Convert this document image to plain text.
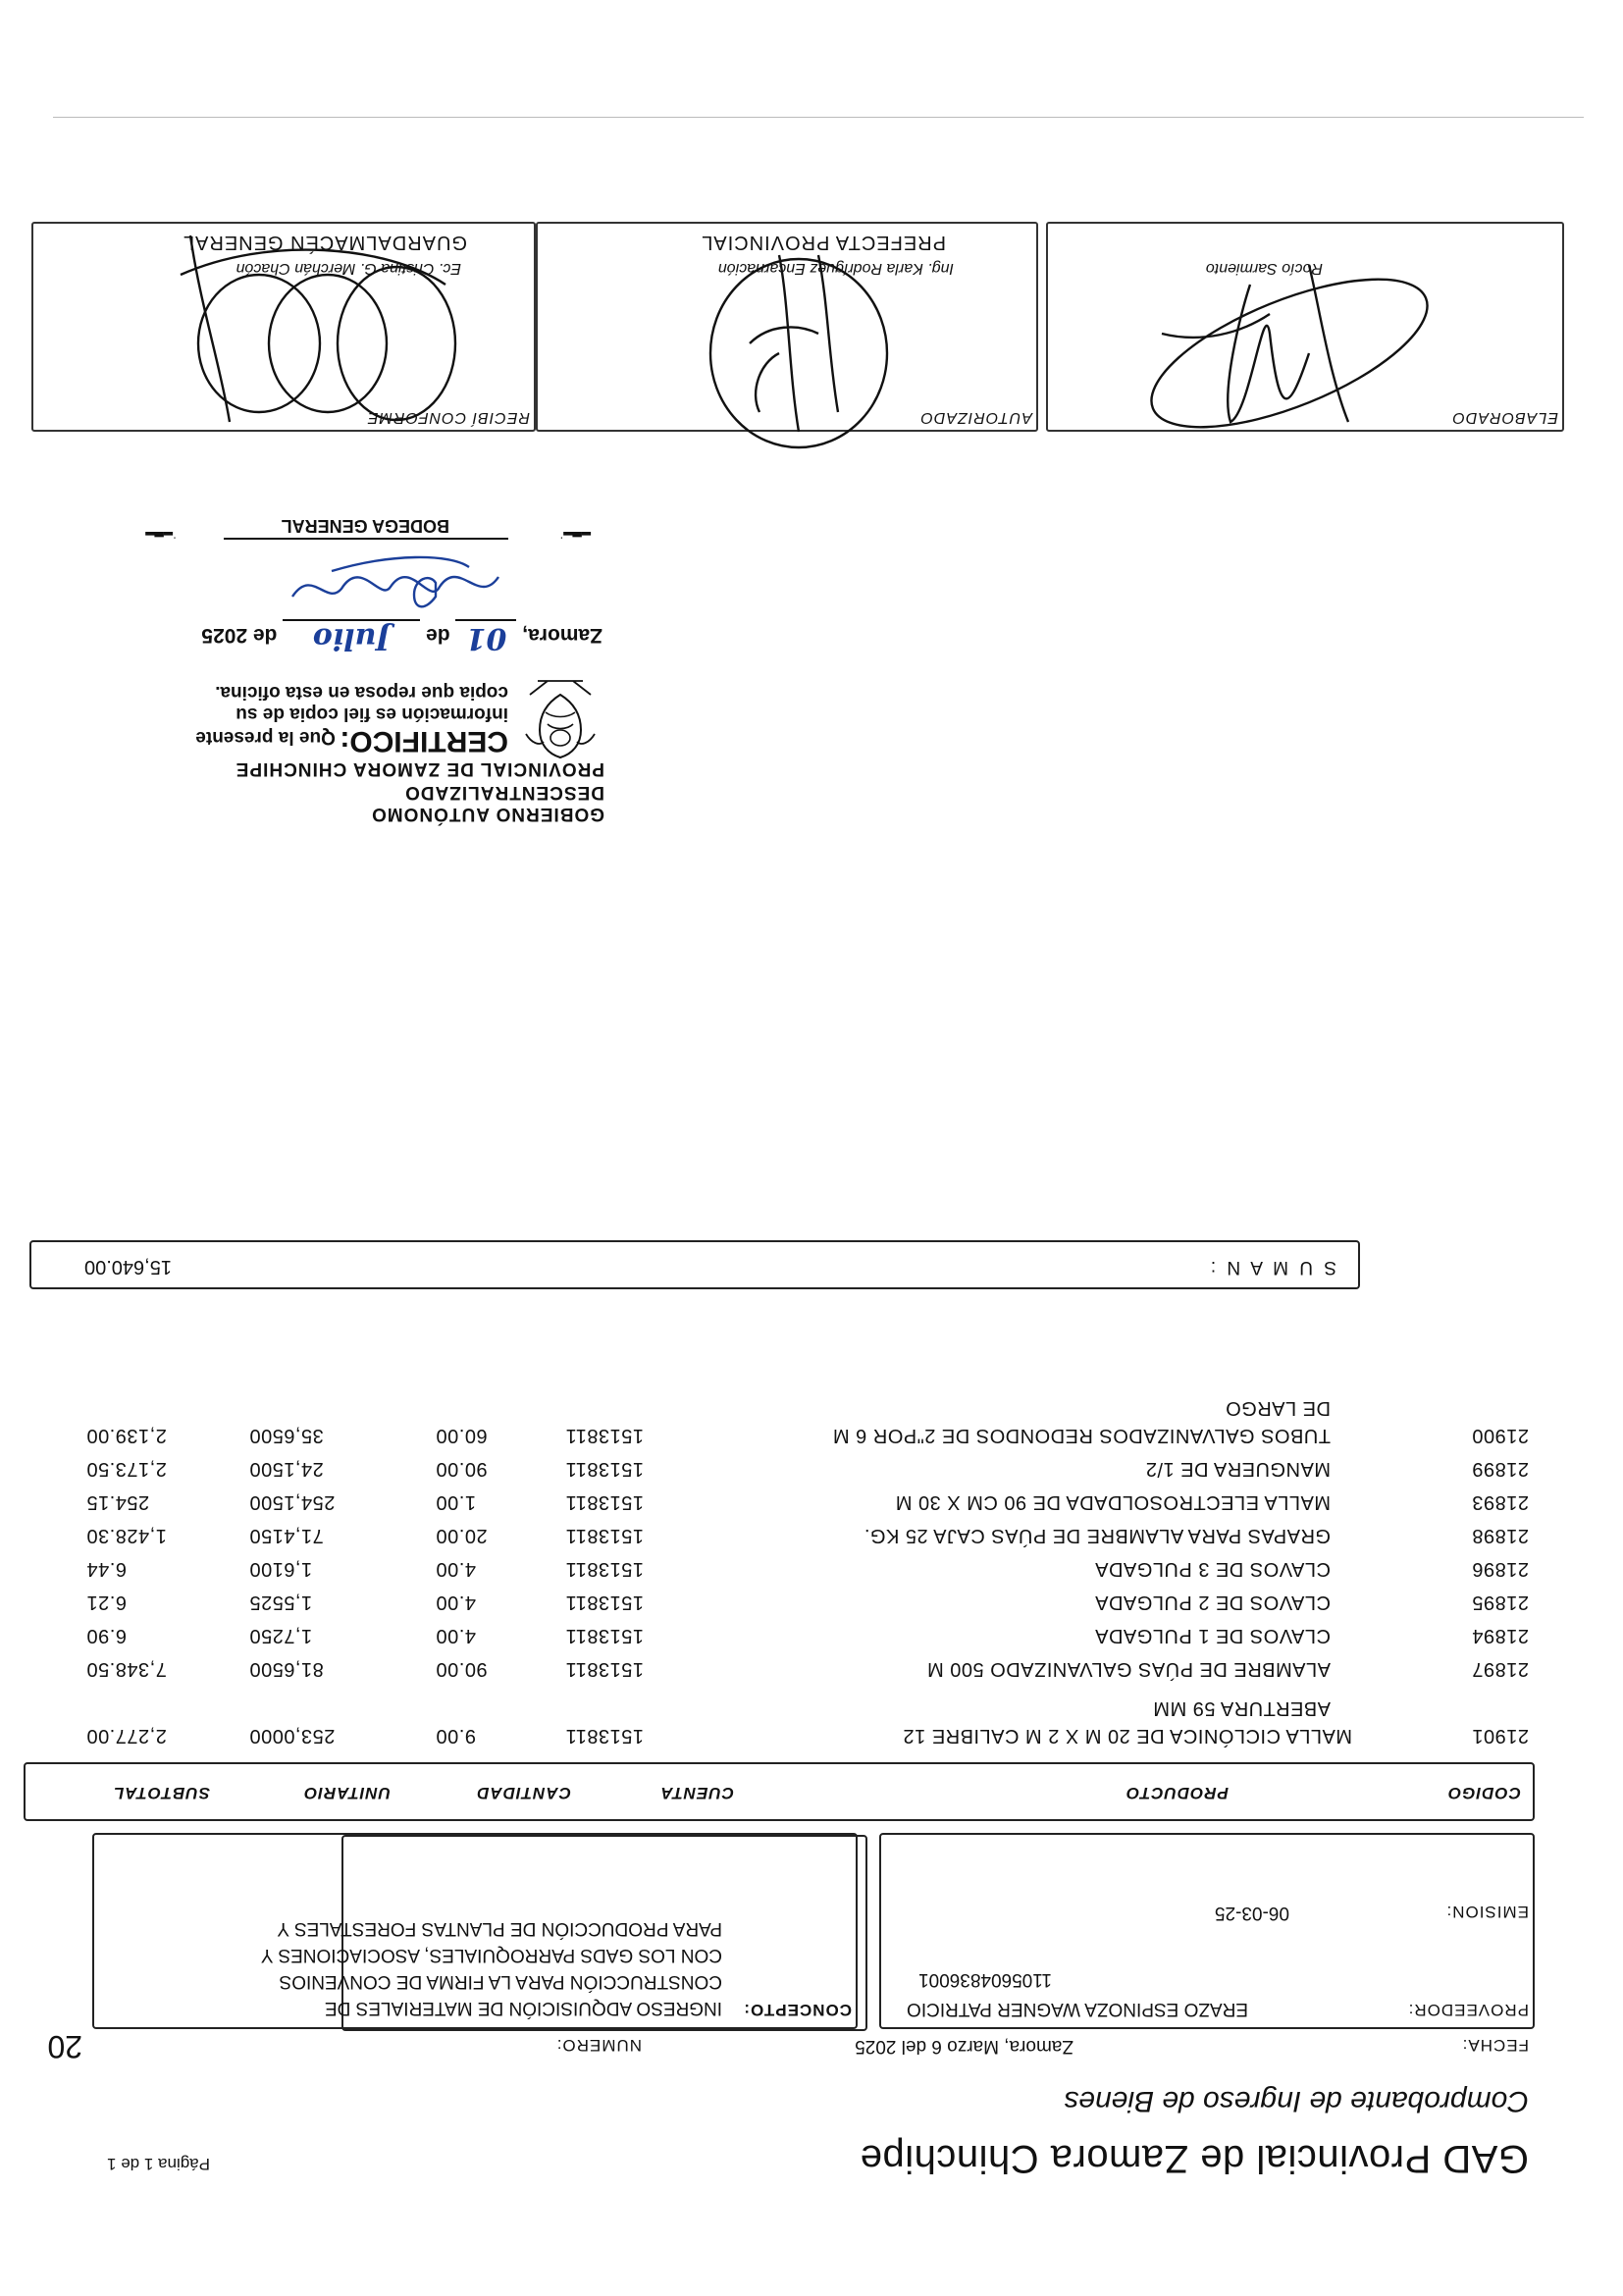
GAD Provincial de Zamora Chinchipe
Comprobante de Ingreso de Bienes
Página 1 de 1
FECHA:
Zamora, Marzo 6 del 2025
NUMERO:
20
PROVEEDOR:
ERAZO ESPINOZA WAGNER PATRICIO
1105604836001
EMISION:
06-03-25
CONCEPTO:
INGRESO ADQUISICIÓN DE MATERIALES DE
CONSTRUCCIÓN PARA LA FIRMA DE CONVENIOS
CON LOS GADS PARROQUIALES, ASOCIACIONES Y
PARA PRODUCCIÓN DE PLANTAS FORESTALES Y
CODIGO
PRODUCTO
CUENTA
CANTIDAD
UNITARIO
SUBTOTAL
21901
MALLA CICLÓNICA DE 20 M X 2 M CALIBRE 12
ABERTURA 59 MM
1513811
9.00
253,0000
2,277.00
21897
ALAMBRE DE PÚAS GALVANIZADO 500 M
1513811
90.00
81,6500
7,348.50
21894
CLAVOS DE 1 PULGADA
1513811
4.00
1,7250
6.90
21895
CLAVOS DE 2 PULGADA
1513811
4.00
1,5525
6.21
21896
CLAVOS DE 3 PULGADA
1513811
4.00
1,6100
6.44
21898
GRAPAS PARA ALAMBRE DE PÚAS CAJA 25 KG.
1513811
20.00
71,4150
1,428.30
21893
MALLA ELECTROSOLDADA DE 90 CM X 30 M
1513811
1.00
254,1500
254.15
21899
MANGUERA DE 1/2
1513811
90.00
24,1500
2,173.50
21900
TUBOS GALVANIZADOS REDONDOS DE 2"POR 6 M
DE LARGO
1513811
60.00
35,6500
2,139.00
S U M A N :
15,640.00
GOBIERNO AUTÓNOMO DESCENTRALIZADO
PROVINCIAL DE ZAMORA CHINCHIPE
CERTIFICO: Que la presente
información es fiel copia de su
copia que reposa en esta oficina.
Zamora, 01 de Julio de 2025
BODEGA GENERAL
▂▃▂·
·▂▃▂
ELABORADO
AUTORIZADO
RECIBÍ CONFORME
Rocío Sarmiento
Ing. Karla Rodríguez Encarnación
Ec. Cristina G. Merchán Chacón
PREFECTA PROVINCIAL
GUARDALMACÉN GENERAL
